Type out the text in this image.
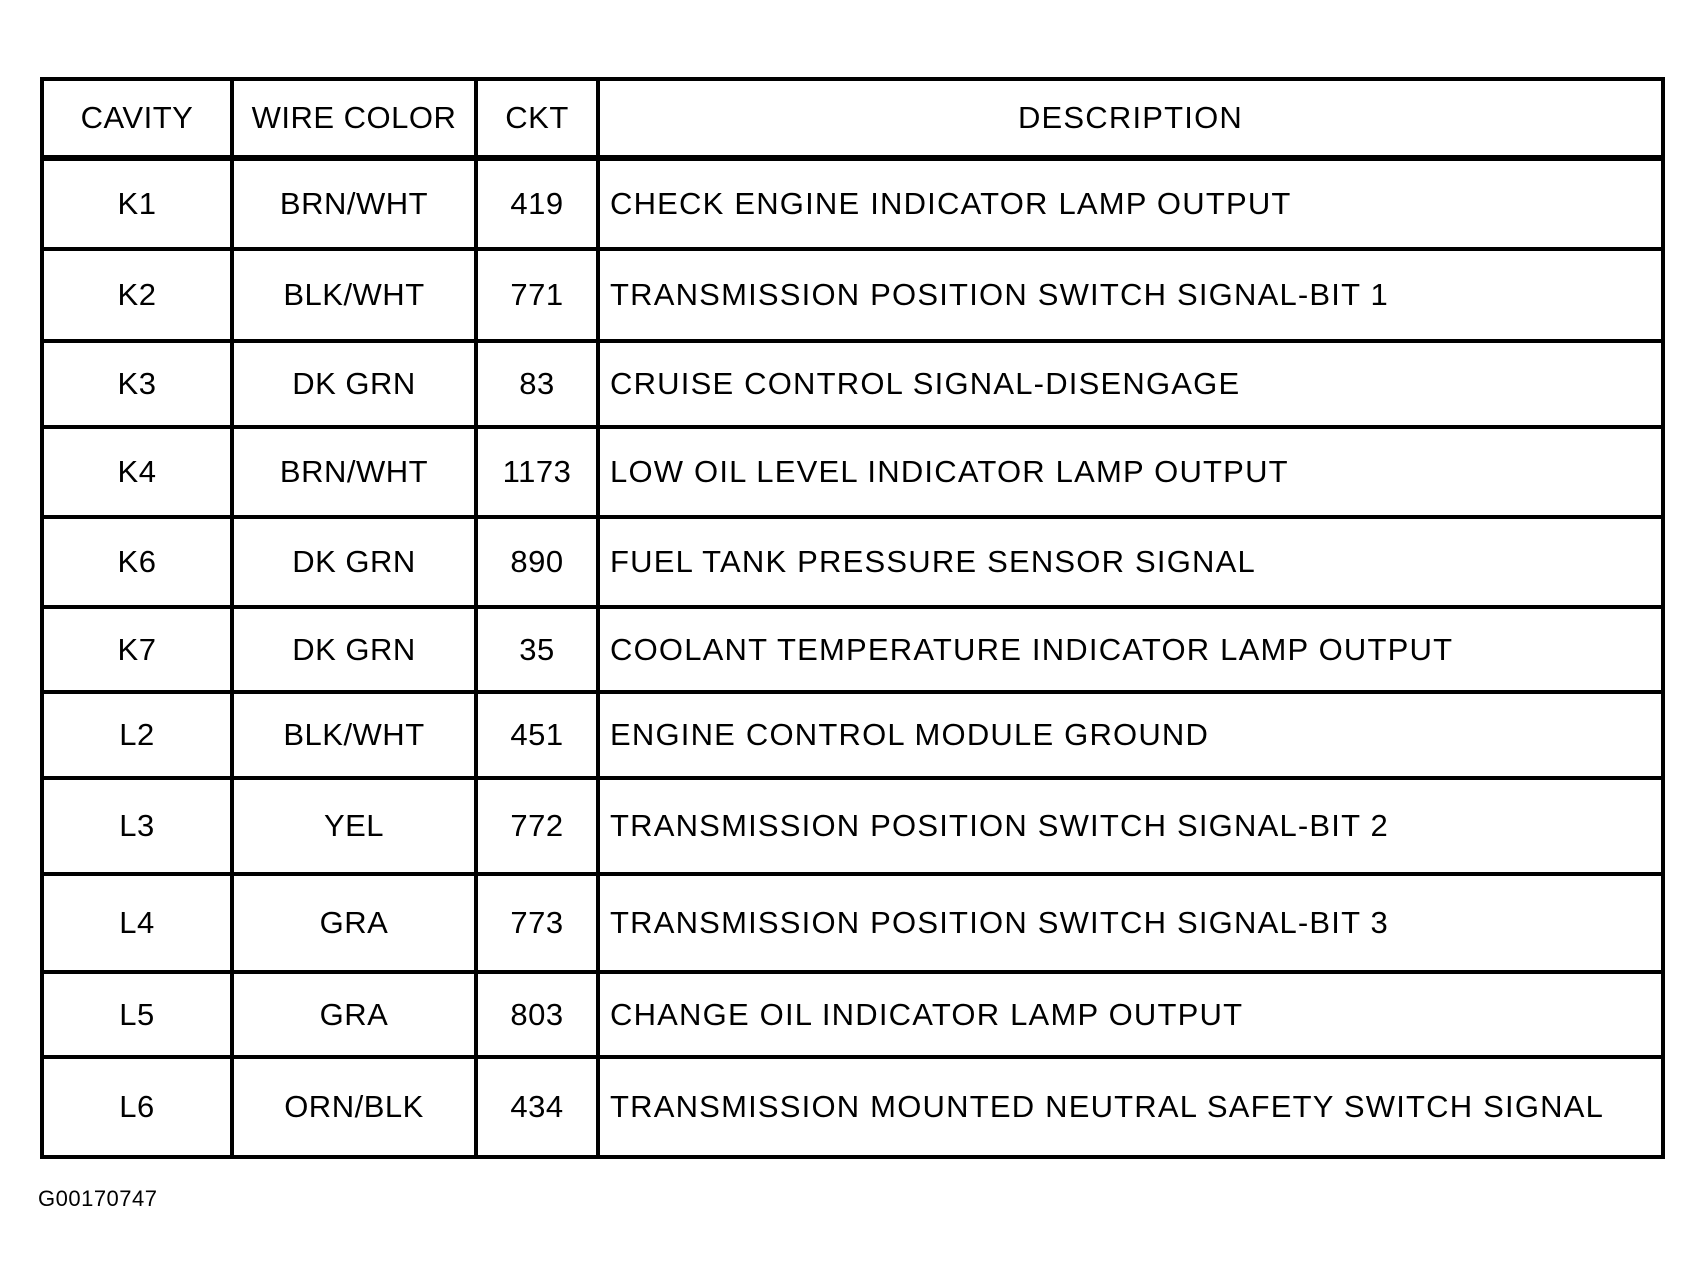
CAVITY	WIRE COLOR	CKT	DESCRIPTION
K1	BRN/WHT	419	CHECK ENGINE INDICATOR LAMP OUTPUT
K2	BLK/WHT	771	TRANSMISSION POSITION SWITCH SIGNAL-BIT 1
K3	DK GRN	83	CRUISE CONTROL SIGNAL-DISENGAGE
K4	BRN/WHT	1173	LOW OIL LEVEL INDICATOR LAMP OUTPUT
K6	DK GRN	890	FUEL TANK PRESSURE SENSOR SIGNAL
K7	DK GRN	35	COOLANT TEMPERATURE INDICATOR LAMP OUTPUT
L2	BLK/WHT	451	ENGINE CONTROL MODULE GROUND
L3	YEL	772	TRANSMISSION POSITION SWITCH SIGNAL-BIT 2
L4	GRA	773	TRANSMISSION POSITION SWITCH SIGNAL-BIT 3
L5	GRA	803	CHANGE OIL INDICATOR LAMP OUTPUT
L6	ORN/BLK	434	TRANSMISSION MOUNTED NEUTRAL SAFETY SWITCH SIGNAL
G00170747
